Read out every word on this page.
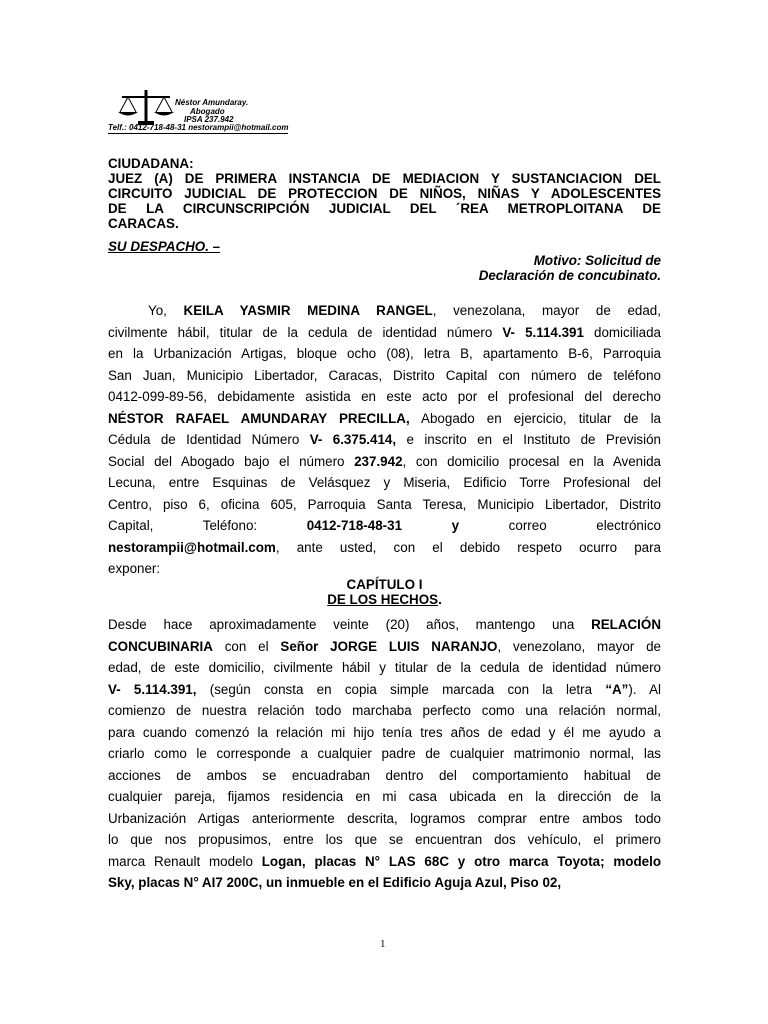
Néstor Amundaray.
Abogado
IPSA 237.942
Telf.: 0412-718-48-31 nestorampii@hotmail.com
CIUDADANA:
JUEZ (A) DE PRIMERA INSTANCIA DE MEDIACION Y SUSTANCIACION DEL
CIRCUITO JUDICIAL DE PROTECCION DE NIÑOS, NIÑAS Y ADOLESCENTES
DE LA CIRCUNSCRIPCIÓN JUDICIAL DEL ´REA METROPLOITANA DE
CARACAS.
SU DESPACHO. –
Motivo: Solicitud de
Declaración de concubinato.
Yo, KEILA YASMIR MEDINA RANGEL, venezolana, mayor de edad,
civilmente hábil, titular de la cedula de identidad número V- 5.114.391 domiciliada
en la Urbanización Artigas, bloque ocho (08), letra B, apartamento B-6, Parroquia
San Juan, Municipio Libertador, Caracas, Distrito Capital con número de teléfono
0412-099-89-56, debidamente asistida en este acto por el profesional del derecho
NÉSTOR RAFAEL AMUNDARAY PRECILLA, Abogado en ejercicio, titular de la
Cédula de Identidad Número V- 6.375.414, e inscrito en el Instituto de Previsión
Social del Abogado bajo el número 237.942, con domicilio procesal en la Avenida
Lecuna, entre Esquinas de Velásquez y Miseria, Edificio Torre Profesional del
Centro, piso 6, oficina 605, Parroquia Santa Teresa, Municipio Libertador, Distrito
Capital, Teléfono: 0412-718-48-31 y correo electrónico
nestorampii@hotmail.com, ante usted, con el debido respeto ocurro para
exponer:
CAPÍTULO I
DE LOS HECHOS.
Desde hace aproximadamente veinte (20) años, mantengo una RELACIÓN
CONCUBINARIA con el Señor JORGE LUIS NARANJO, venezolano, mayor de
edad, de este domicilio, civilmente hábil y titular de la cedula de identidad número
V- 5.114.391, (según consta en copia simple marcada con la letra “A”). Al
comienzo de nuestra relación todo marchaba perfecto como una relación normal,
para cuando comenzó la relación mi hijo tenía tres años de edad y él me ayudo a
criarlo como le corresponde a cualquier padre de cualquier matrimonio normal, las
acciones de ambos se encuadraban dentro del comportamiento habitual de
cualquier pareja, fijamos residencia en mi casa ubicada en la dirección de la
Urbanización Artigas anteriormente descrita, logramos comprar entre ambos todo
lo que nos propusimos, entre los que se encuentran dos vehículo, el primero
marca Renault modelo Logan, placas N° LAS 68C y otro marca Toyota; modelo
Sky, placas N° AI7 200C, un inmueble en el Edificio Aguja Azul, Piso 02,
1
